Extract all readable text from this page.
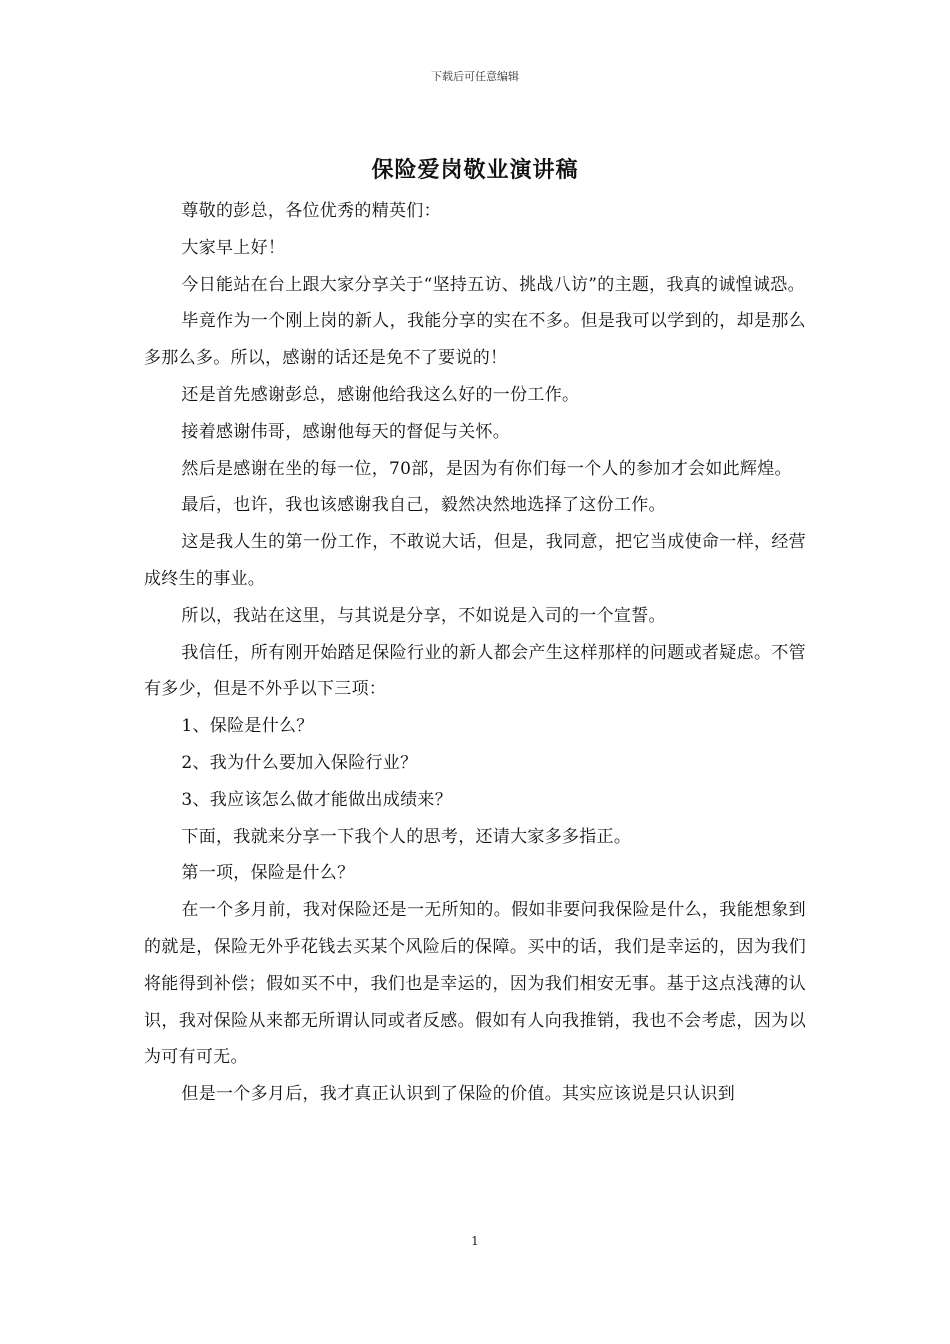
下载后可任意编辑
保险爱岗敬业演讲稿

尊敬的彭总，各位优秀的精英们：

大家早上好！

今日能站在台上跟大家分享关于“坚持五访、挑战八访”的主题，我真的诚惶诚恐。

毕竟作为一个刚上岗的新人，我能分享的实在不多。但是我可以学到的，却是那么多那么多。所以，感谢的话还是免不了要说的！

还是首先感谢彭总，感谢他给我这么好的一份工作。

接着感谢伟哥，感谢他每天的督促与关怀。

然后是感谢在坐的每一位，70部，是因为有你们每一个人的参加才会如此辉煌。

最后，也许，我也该感谢我自己，毅然决然地选择了这份工作。

这是我人生的第一份工作，不敢说大话，但是，我同意，把它当成使命一样，经营成终生的事业。

所以，我站在这里，与其说是分享，不如说是入司的一个宣誓。

我信任，所有刚开始踏足保险行业的新人都会产生这样那样的问题或者疑虑。不管有多少，但是不外乎以下三项：

1、保险是什么？

2、我为什么要加入保险行业？

3、我应该怎么做才能做出成绩来？

下面，我就来分享一下我个人的思考，还请大家多多指正。

第一项，保险是什么？

在一个多月前，我对保险还是一无所知的。假如非要问我保险是什么，我能想象到的就是，保险无外乎花钱去买某个风险后的保障。买中的话，我们是幸运的，因为我们将能得到补偿；假如买不中，我们也是幸运的，因为我们相安无事。基于这点浅薄的认识，我对保险从来都无所谓认同或者反感。假如有人向我推销，我也不会考虑，因为以为可有可无。

但是一个多月后，我才真正认识到了保险的价值。其实应该说是只认识到

1
